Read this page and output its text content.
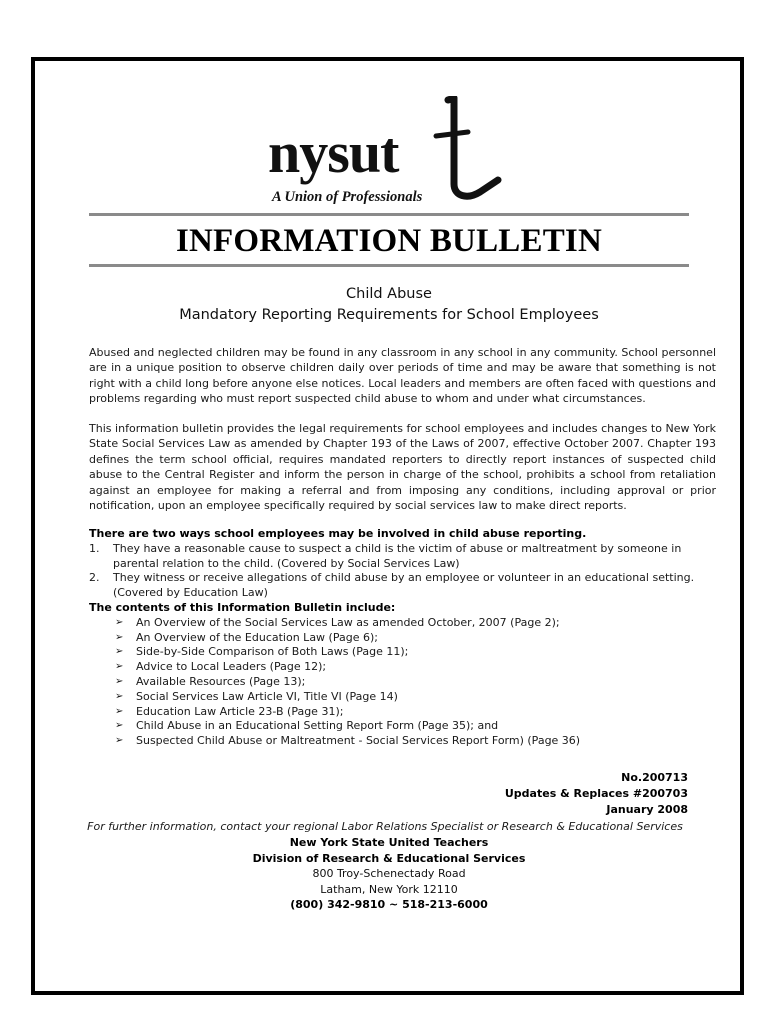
nysut
A Union of Professionals
INFORMATION BULLETIN
Child Abuse
Mandatory Reporting Requirements for School Employees
Abused and neglected children may be found in any classroom in any school in any community. School personnel are in a unique position to observe children daily over periods of time and may be aware that something is not right with a child long before anyone else notices. Local leaders and members are often faced with questions and problems regarding who must report suspected child abuse to whom and under what circumstances.
This information bulletin provides the legal requirements for school employees and includes changes to New York State Social Services Law as amended by Chapter 193 of the Laws of 2007, effective October 2007. Chapter 193 defines the term school official, requires mandated reporters to directly report instances of suspected child abuse to the Central Register and inform the person in charge of the school, prohibits a school from retaliation against an employee for making a referral and from imposing any conditions, including approval or prior notification, upon an employee specifically required by social services law to make direct reports.
There are two ways school employees may be involved in child abuse reporting.
1. They have a reasonable cause to suspect a child is the victim of abuse or maltreatment by someone in parental relation to the child. (Covered by Social Services Law)
2. They witness or receive allegations of child abuse by an employee or volunteer in an educational setting. (Covered by Education Law)
The contents of this Information Bulletin include:
➢ An Overview of the Social Services Law as amended October, 2007 (Page 2);
➢ An Overview of the Education Law (Page 6);
➢ Side-by-Side Comparison of Both Laws (Page 11);
➢ Advice to Local Leaders (Page 12);
➢ Available Resources (Page 13);
➢ Social Services Law Article VI, Title VI (Page 14)
➢ Education Law Article 23-B (Page 31);
➢ Child Abuse in an Educational Setting Report Form (Page 35); and
➢ Suspected Child Abuse or Maltreatment - Social Services Report Form) (Page 36)
No.200713
Updates & Replaces #200703
January 2008
For further information, contact your regional Labor Relations Specialist or Research & Educational Services
New York State United Teachers
Division of Research & Educational Services
800 Troy-Schenectady Road
Latham, New York 12110
(800) 342-9810 ~ 518-213-6000
